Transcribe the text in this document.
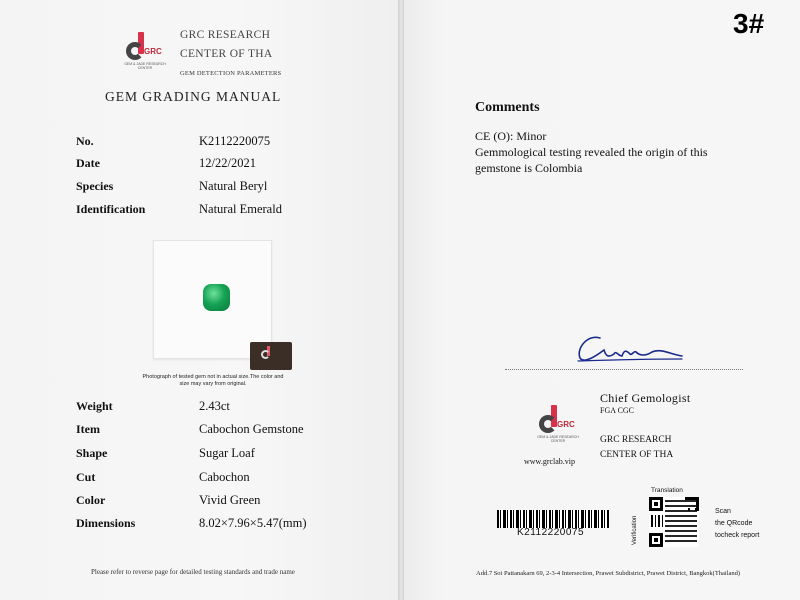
GRC
GEM & JADE RESEARCH CENTER
GRC RESEARCH
CENTER OF THA
GEM DETECTION PARAMETERS
GEM GRADING MANUAL
No.	K2112220075
Date	12/22/2021
Species	Natural Beryl
Identification	Natural Emerald
Photograph of tested gem not in actual size.The color and size may vary from original.
Weight	2.43ct
Item	Cabochon Gemstone
Shape	Sugar Loaf
Cut	Cabochon
Color	Vivid Green
Dimensions	8.02×7.96×5.47(mm)
Please refer to reverse page for detailed testing standards and trade name
3#
Comments
CE (O): Minor
Gemmological testing revealed the origin of this
gemstone is Colombia
Chief Gemologist
FGA CGC
GRC
GEM & JADE RESEARCH CENTER
www.grclab.vip
GRC RESEARCH
CENTER OF THA
K2112220075
Translation
Verification
Scan
the QRcode
tocheck report
Add.7 Soi Pattanakarn 69, 2-3-4 Intersection, Prawet Subdistrict, Prawet District, Bangkok(Thailand)
